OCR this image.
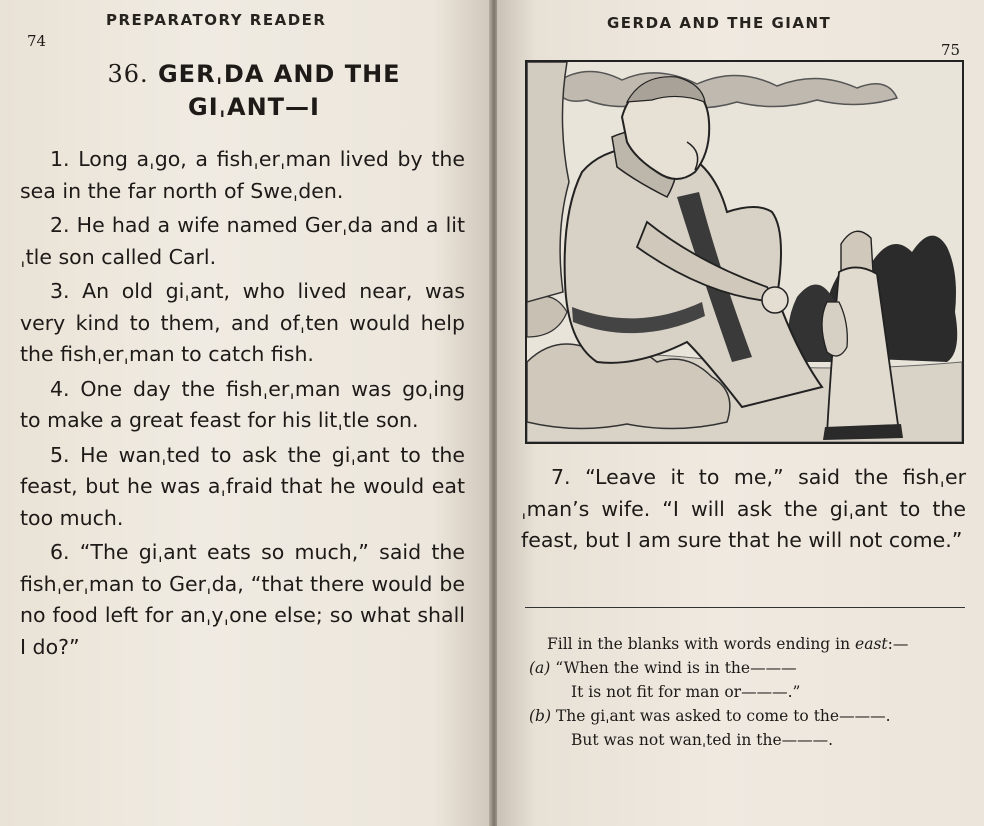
74
PREPARATORY READER
36. GERˌDA AND THE
GIˌANT—I

1. Long aˌgo, a fishˌerˌman lived by the sea in the far north of Sweˌden.

2. He had a wife named Gerˌda and a litˌtle son called Carl.

3. An old giˌant, who lived near, was very kind to them, and ofˌten would help the fishˌerˌman to catch fish.

4. One day the fishˌerˌman was goˌing to make a great feast for his litˌtle son.

5. He wanˌted to ask the giˌant to the feast, but he was aˌfraid that he would eat too much.

6. “The giˌant eats so much,” said the fishˌerˌman to Gerˌda, “that there would be no food left for anˌyˌone else; so what shall I do?”

GERDA AND THE GIANT
75

7. “Leave it to me,” said the fishˌerˌman’s wife. “I will ask the giˌant to the feast, but I am sure that he will not come.”

Fill in the blanks with words ending in east:—
(a) “When the wind is in the———
It is not fit for man or———.”
(b) The giˌant was asked to come to the———.
But was not wanˌted in the———.
